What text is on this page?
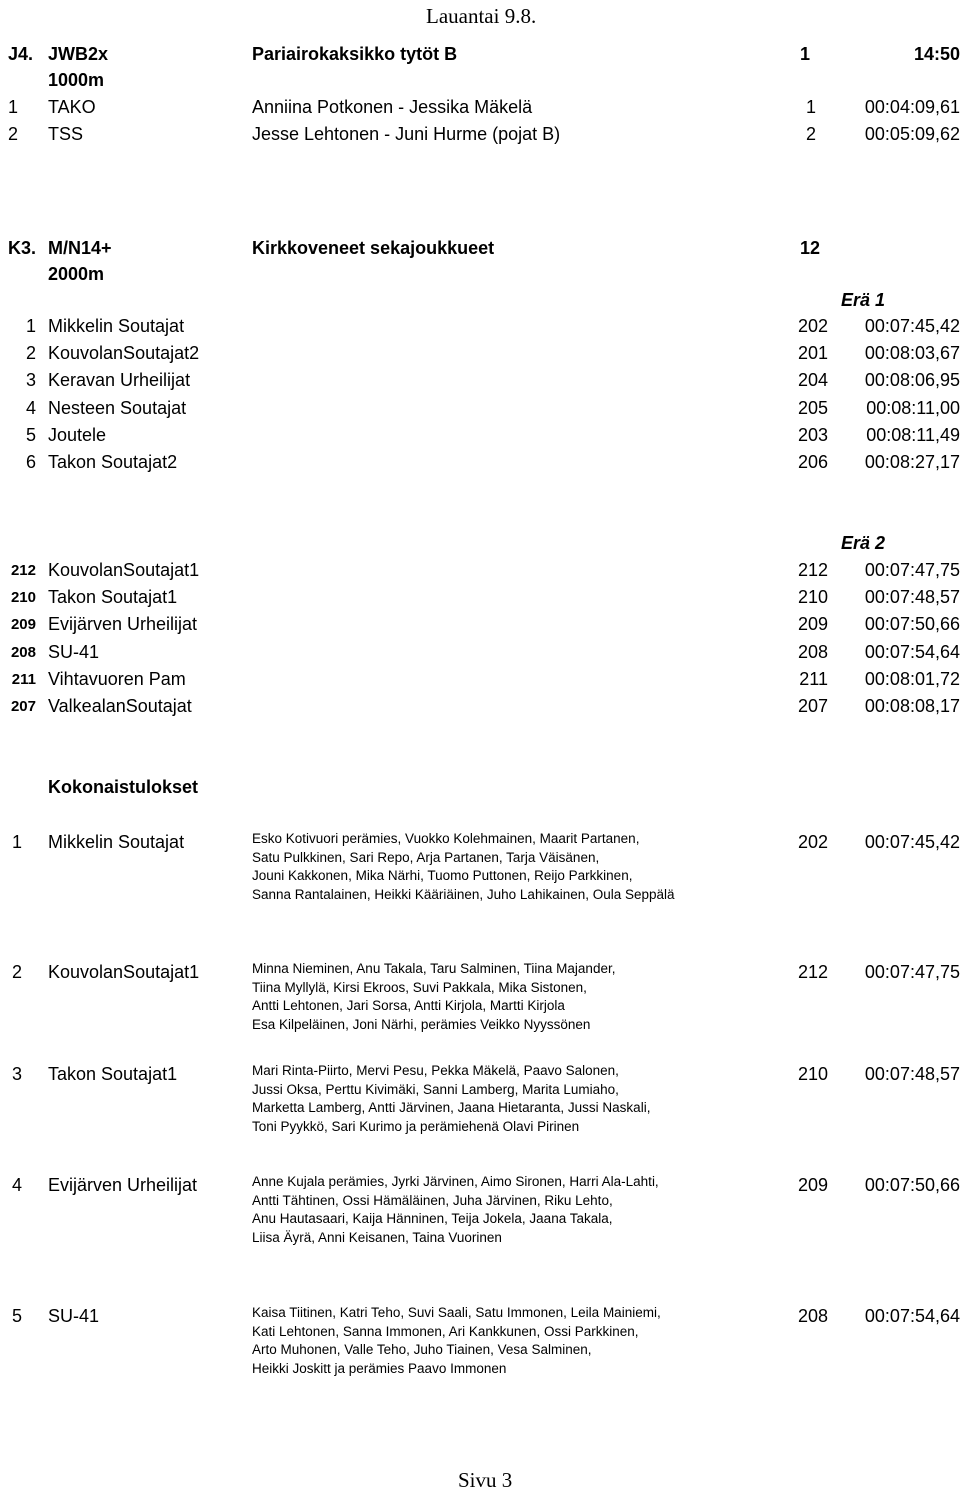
Lauantai 9.8.
J4. JWB2x	Pariairokaksikko tytöt B	1	14:50
1000m
1	TAKO	Anniina Potkonen - Jessika Mäkelä	1	00:04:09,61
2	TSS	Jesse Lehtonen - Juni Hurme (pojat B)	2	00:05:09,62
K3. M/N14+	Kirkkoveneet sekajoukkueet	12
2000m
Erä 1
1 Mikkelin Soutajat	202	00:07:45,42
2 KouvolanSoutajat2	201	00:08:03,67
3 Keravan Urheilijat	204	00:08:06,95
4 Nesteen Soutajat	205	00:08:11,00
5 Joutele	203	00:08:11,49
6 Takon Soutajat2	206	00:08:27,17
Erä 2
212 KouvolanSoutajat1	212	00:07:47,75
210 Takon Soutajat1	210	00:07:48,57
209 Evijärven Urheilijat	209	00:07:50,66
208 SU-41	208	00:07:54,64
211 Vihtavuoren Pam	211	00:08:01,72
207 ValkealanSoutajat	207	00:08:08,17
Kokonaistulokset
1 Mikkelin Soutajat	Esko Kotivuori perämies, Vuokko Kolehmainen, Maarit Partanen,
Satu Pulkkinen, Sari Repo, Arja Partanen, Tarja Väisänen,
Jouni Kakkonen, Mika Närhi, Tuomo Puttonen, Reijo Parkkinen,
Sanna Rantalainen, Heikki Kääriäinen, Juho Lahikainen, Oula Seppälä
202	00:07:45,42
2 KouvolanSoutajat1	Minna Nieminen, Anu Takala, Taru Salminen, Tiina Majander,
Tiina Myllylä, Kirsi Ekroos, Suvi Pakkala, Mika Sistonen,
Antti Lehtonen, Jari Sorsa, Antti Kirjola, Martti Kirjola
Esa Kilpeläinen, Joni Närhi, perämies Veikko Nyyssönen
212	00:07:47,75
3 Takon Soutajat1	Mari Rinta-Piirto, Mervi Pesu, Pekka Mäkelä, Paavo Salonen,
Jussi Oksa, Perttu Kivimäki, Sanni Lamberg, Marita Lumiaho,
Marketta Lamberg, Antti Järvinen, Jaana Hietaranta, Jussi Naskali,
Toni Pyykkö, Sari Kurimo ja perämiehenä Olavi Pirinen
210	00:07:48,57
4 Evijärven Urheilijat	Anne Kujala perämies, Jyrki Järvinen, Aimo Sironen, Harri Ala-Lahti,
Antti Tähtinen, Ossi Hämäläinen, Juha Järvinen, Riku Lehto,
Anu Hautasaari, Kaija Hänninen, Teija Jokela, Jaana Takala,
Liisa Äyrä, Anni Keisanen, Taina Vuorinen
209	00:07:50,66
5 SU-41	Kaisa Tiitinen, Katri Teho, Suvi Saali, Satu Immonen, Leila Mainiemi,
Kati Lehtonen, Sanna Immonen, Ari Kankkunen, Ossi Parkkinen,
Arto Muhonen, Valle Teho, Juho Tiainen, Vesa Salminen,
Heikki Joskitt ja perämies Paavo Immonen
208	00:07:54,64
Sivu 3
